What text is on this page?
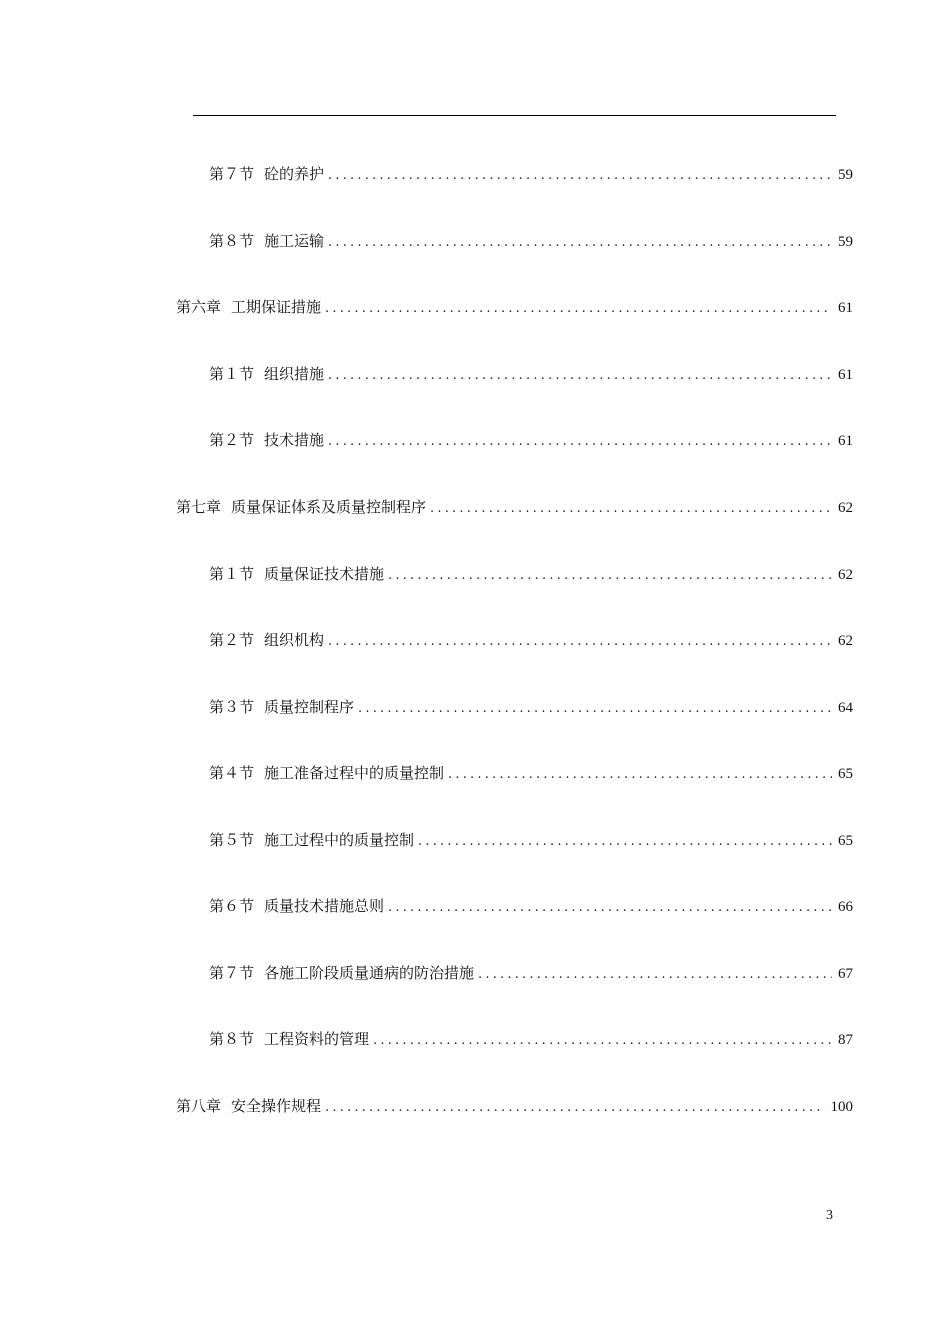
第７节 砼的养护 .....	59
第８节 施工运输 .....	59
第六章 工期保证措施 .....	61
第１节 组织措施 .....	61
第２节 技术措施 .....	61
第七章 质量保证体系及质量控制程序 .....	62
第１节 质量保证技术措施 .....	62
第２节 组织机构 .....	62
第３节 质量控制程序 .....	64
第４节 施工准备过程中的质量控制 .....	65
第５节 施工过程中的质量控制 .....	65
第６节 质量技术措施总则 .....	66
第７节 各施工阶段质量通病的防治措施 .....	67
第８节 工程资料的管理 .....	87
第八章 安全操作规程 .....	100
3
